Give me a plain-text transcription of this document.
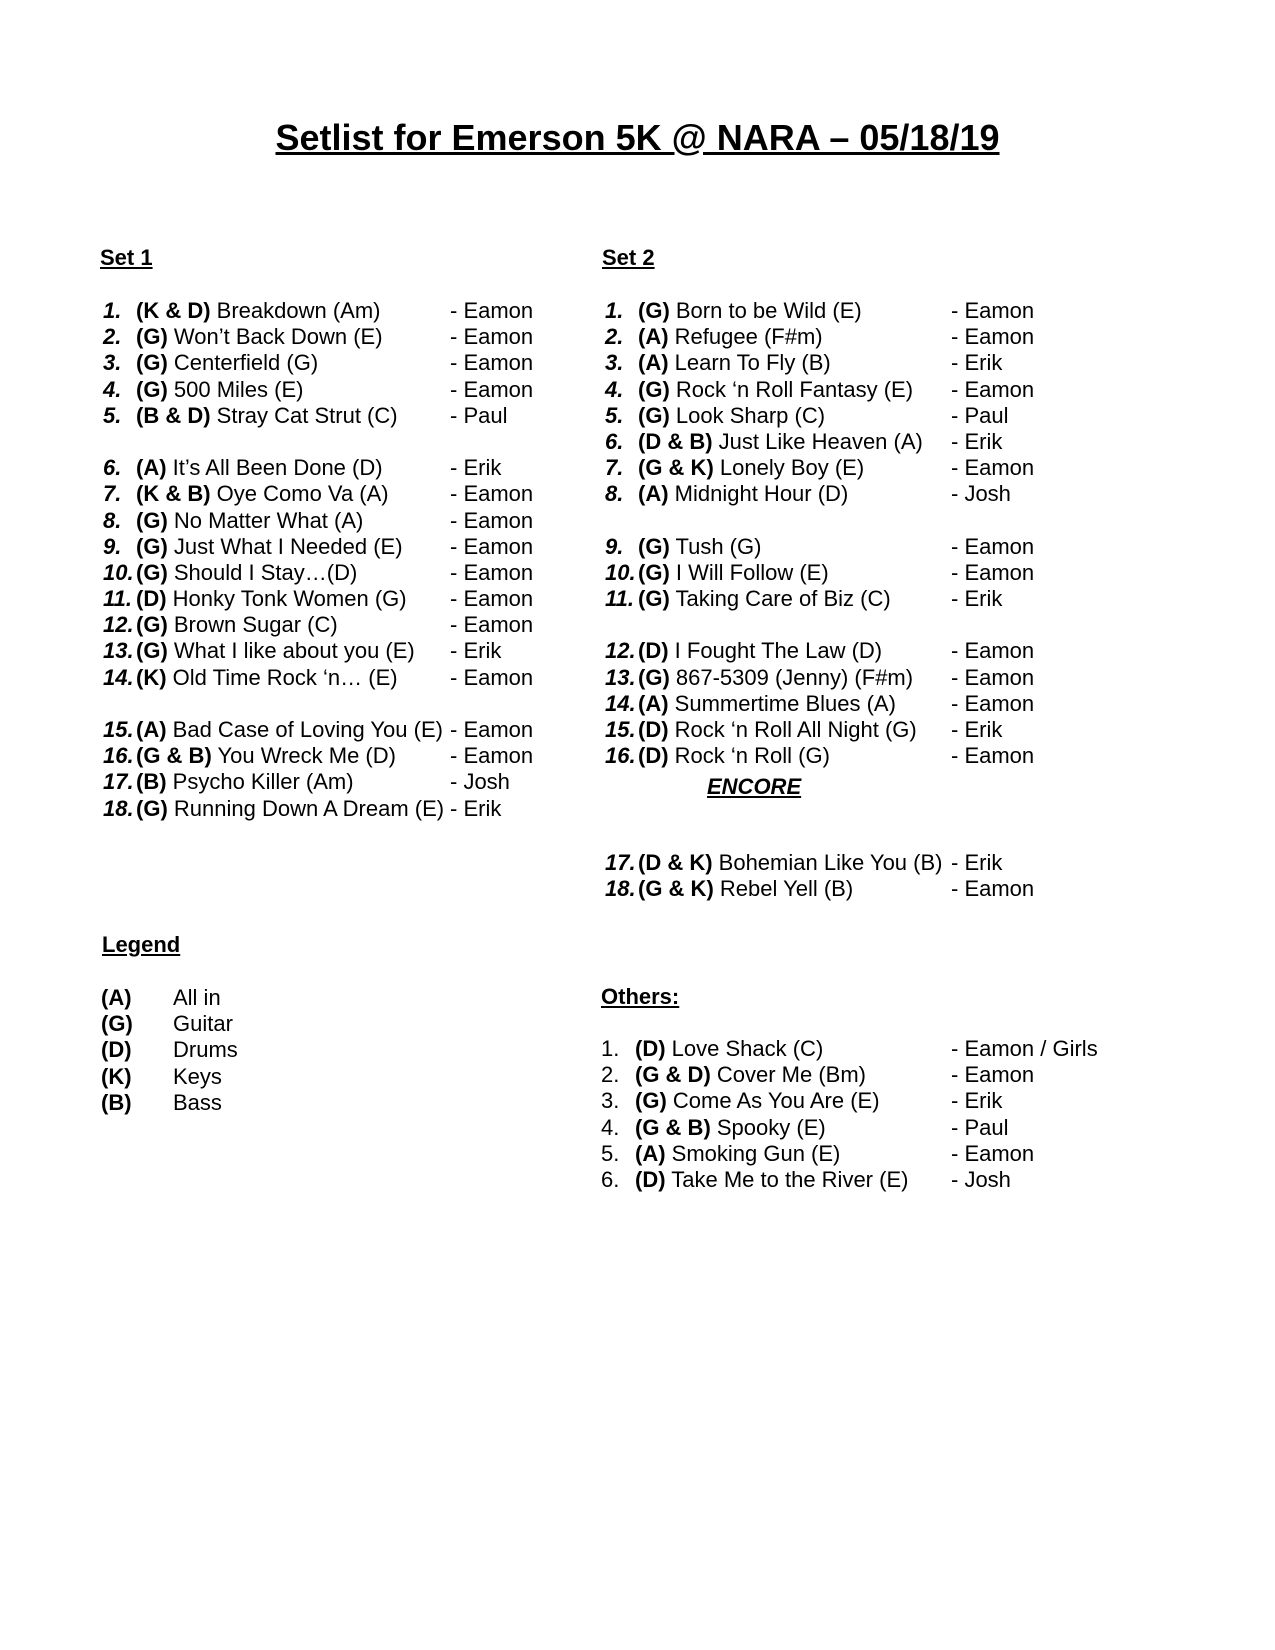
Setlist for Emerson 5K @ NARA – 05/18/19
Set 1
1. (K & D) Breakdown (Am)	- Eamon
2. (G) Won’t Back Down (E)	- Eamon
3. (G) Centerfield (G)	- Eamon
4. (G) 500 Miles (E)	- Eamon
5. (B & D) Stray Cat Strut (C) - Paul
6. (A) It’s All Been Done (D)	- Erik
7. (K & B) Oye Como Va (A)	- Eamon
8. (G) No Matter What (A)	- Eamon
9. (G) Just What I Needed (E) - Eamon
10. (G) Should I Stay…(D)	- Eamon
11. (D) Honky Tonk Women (G) - Eamon
12. (G) Brown Sugar (C)	- Eamon
13. (G) What I like about you (E) - Erik
14. (K) Old Time Rock ‘n… (E) - Eamon
15. (A) Bad Case of Loving You (E) - Eamon
16. (G & B) You Wreck Me (D) - Eamon
17. (B) Psycho Killer (Am)	- Josh
18. (G) Running Down A Dream (E) - Erik
Set 2
1. (G) Born to be Wild (E)	- Eamon
2. (A) Refugee (F#m)	- Eamon
3. (A) Learn To Fly (B)	- Erik
4. (G) Rock ‘n Roll Fantasy (E) - Eamon
5. (G) Look Sharp (C)	- Paul
6. (D & B) Just Like Heaven (A) - Erik
7. (G & K) Lonely Boy (E)	- Eamon
8. (A) Midnight Hour (D)	- Josh
9. (G) Tush (G)	- Eamon
10. (G) I Will Follow (E)	- Eamon
11. (G) Taking Care of Biz (C)	- Erik
12. (D) I Fought The Law (D)	- Eamon
13. (G) 867-5309 (Jenny) (F#m) - Eamon
14. (A) Summertime Blues (A)	- Eamon
15. (D) Rock ‘n Roll All Night (G) - Erik
16. (D) Rock ‘n Roll (G)	- Eamon
ENCORE
17. (D & K) Bohemian Like You (B) - Erik
18. (G & K) Rebel Yell (B)	- Eamon
Legend
(A) All in
(G) Guitar
(D) Drums
(K) Keys
(B) Bass
Others:
1. (D) Love Shack (C)	- Eamon / Girls
2. (G & D) Cover Me (Bm)	- Eamon
3. (G) Come As You Are (E)	- Erik
4. (G & B) Spooky (E)	- Paul
5. (A) Smoking Gun (E)	- Eamon
6. (D) Take Me to the River (E) - Josh
